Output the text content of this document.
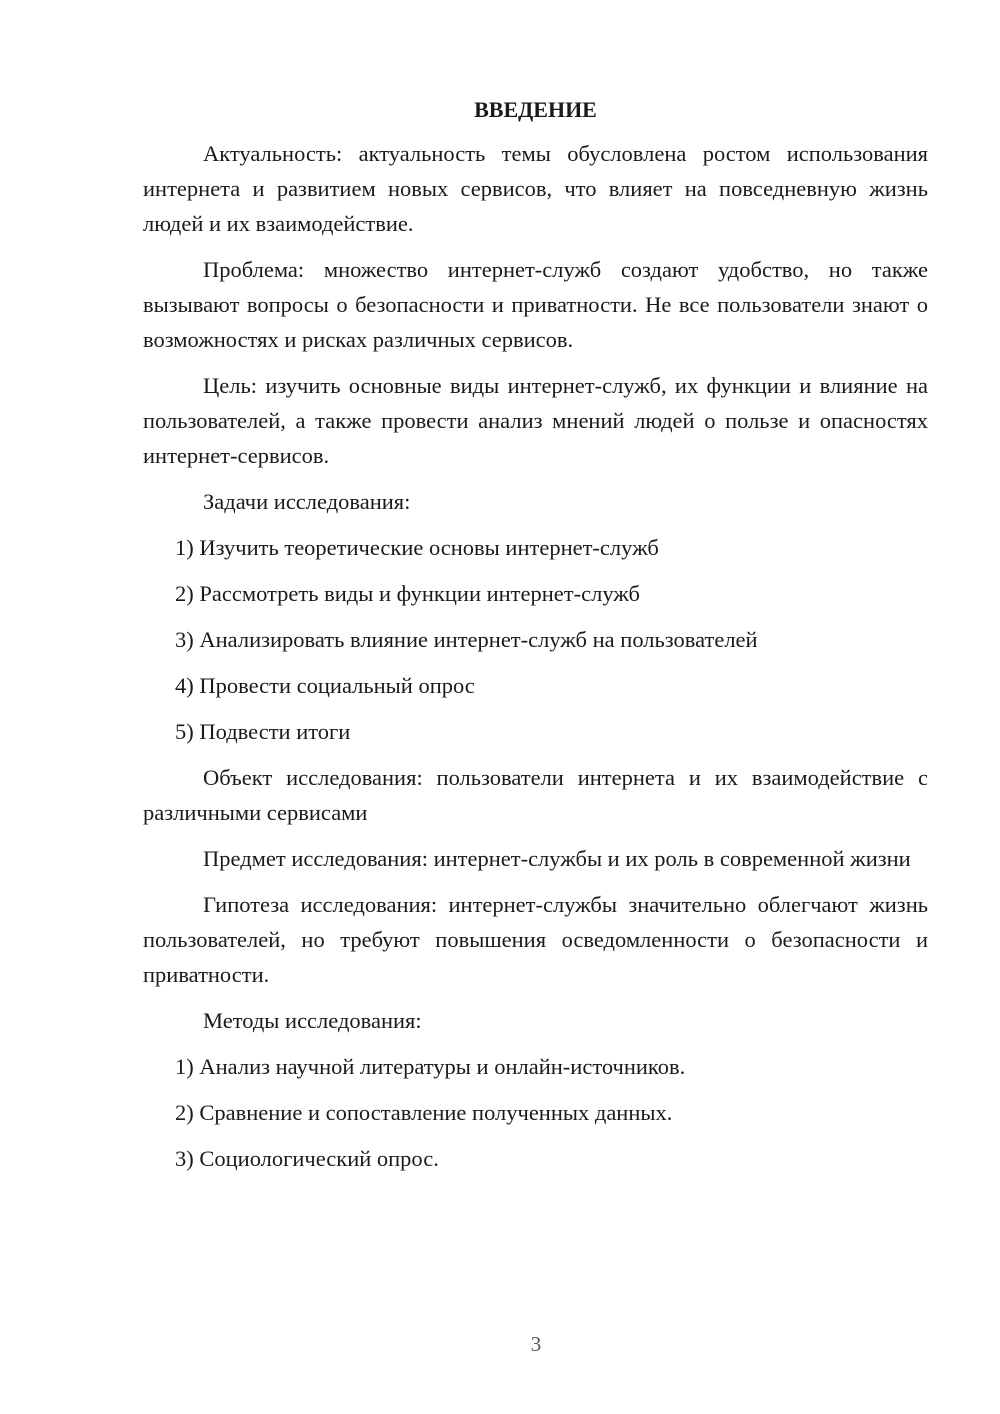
ВВЕДЕНИЕ

Актуальность: актуальность темы обусловлена ростом использования интернета и развитием новых сервисов, что влияет на повседневную жизнь людей и их взаимодействие.

Проблема: множество интернет-служб создают удобство, но также вызывают вопросы о безопасности и приватности. Не все пользователи знают о возможностях и рисках различных сервисов.

Цель: изучить основные виды интернет-служб, их функции и влияние на пользователей, а также провести анализ мнений людей о пользе и опасностях интернет-сервисов.

Задачи исследования:

1) Изучить теоретические основы интернет-служб

2) Рассмотреть виды и функции интернет-служб

3) Анализировать влияние интернет-служб на пользователей

4) Провести социальный опрос

5) Подвести итоги

Объект исследования: пользователи интернета и их взаимодействие с различными сервисами

Предмет исследования: интернет-службы и их роль в современной жизни

Гипотеза исследования: интернет-службы значительно облегчают жизнь пользователей, но требуют повышения осведомленности о безопасности и приватности.

Методы исследования:

1) Анализ научной литературы и онлайн-источников.

2) Сравнение и сопоставление полученных данных.

3) Социологический опрос.

3
